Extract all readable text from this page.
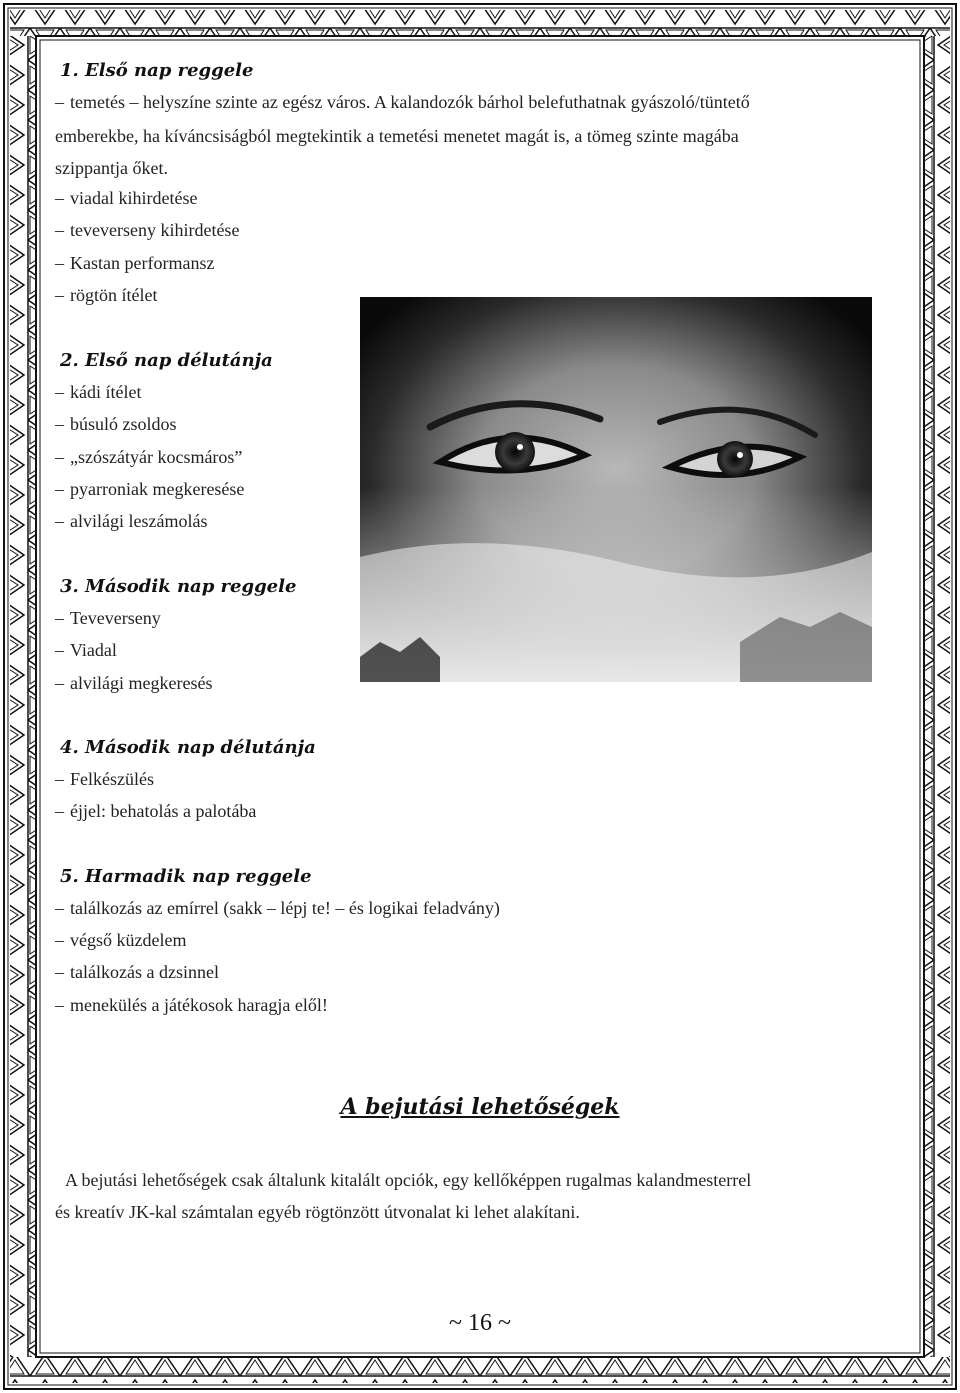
1. Első nap reggele

– temetés – helyszíne szinte az egész város. A kalandozók bárhol belefuthatnak gyászoló/tüntető

emberekbe, ha kíváncsiságból megtekintik a temetési menetet magát is, a tömeg szinte magába

szippantja őket.

– viadal kihirdetése
– teveverseny kihirdetése
– Kastan performansz
– rögtön ítélet

2. Első nap délutánja

– kádi ítélet
– búsuló zsoldos
– „szószátyár kocsmáros”
– pyarroniak megkeresése
– alvilági leszámolás

3. Második nap reggele

– Teveverseny
– Viadal
– alvilági megkeresés

4. Második nap délutánja

– Felkészülés
– éjjel: behatolás a palotába

5. Harmadik nap reggele

– találkozás az emírrel (sakk – lépj te! – és logikai feladvány)
– végső küzdelem
– találkozás a dzsinnel
– menekülés a játékosok haragja elől!

A bejutási lehetőségek

A bejutási lehetőségek csak általunk kitalált opciók, egy kellőképpen rugalmas kalandmesterrel

és kreatív JK-kal számtalan egyéb rögtönzött útvonalat ki lehet alakítani.

~ 16 ~
